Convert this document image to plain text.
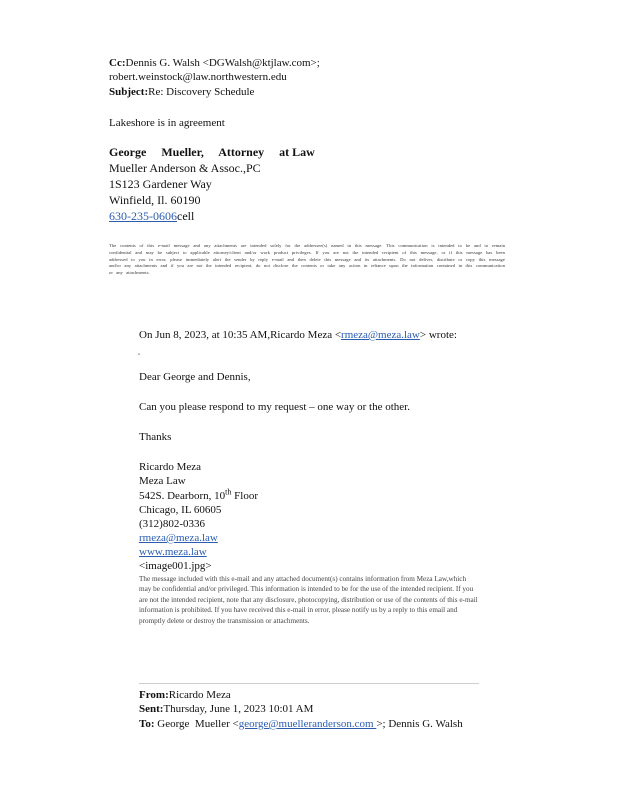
Cc:Dennis G. Walsh <DGWalsh@ktjlaw.com>;
robert.weinstock@law.northwestern.edu
Subject:Re: Discovery Schedule
Lakeshore is in agreement
George     Mueller,     Attorney     at Law
Mueller Anderson & Assoc.,PC
1S123 Gardener Way
Winfield, Il. 60190
630-235-0606cell
The contents of this e-mail message and any attachments are intended solely for the addressee(s) named in this message. This communication is intended to be and to remain confidential and may be subject to applicable attorney/client and/or work product privileges. If you are not the intended recipient of this message, or if this message has been addressed to you in error, please immediately alert the sender by reply e-mail and then delete this message and its attachments. Do not deliver, distribute or copy this message and/or any attachments and if you are not the intended recipient, do not disclose the contents or take any action in reliance upon the information contained in this communication or any attachments.
On Jun 8, 2023, at 10:35 AM,Ricardo Meza <rmeza@meza.law> wrote:
Dear George and Dennis,
Can you please respond to my request – one way or the other.
Thanks
Ricardo Meza
Meza Law
542S. Dearborn, 10th Floor
Chicago, IL 60605
(312)802-0336
rmeza@meza.law
www.meza.law
<image001.jpg>
The message included with this e-mail and any attached document(s) contains information from Meza Law,which may be confidential and/or privileged. This information is intended to be for the use of the intended recipient. If you are not the intended recipient, note that any disclosure, photocopying, distribution or use of the contents of this e-mail information is prohibited. If you have received this e-mail in error, please notify us by a reply to this email and promptly delete or destroy the transmission or attachments.
From:Ricardo Meza
Sent:Thursday, June 1, 2023 10:01 AM
To: George  Mueller <george@muelleranderson.com >; Dennis G. Walsh
